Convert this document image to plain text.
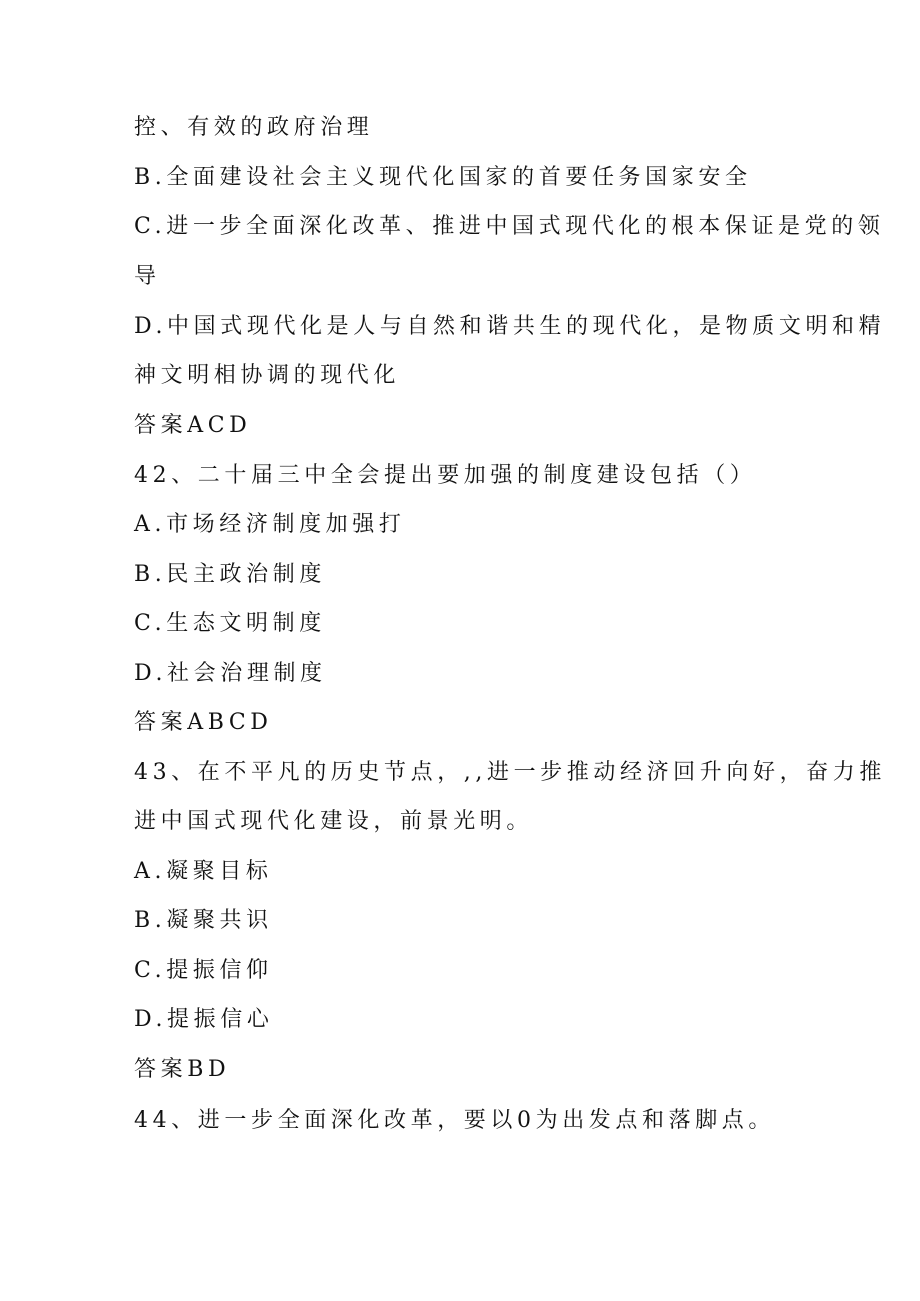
控、有效的政府治理
B.全面建设社会主义现代化国家的首要任务国家安全
C.进一步全面深化改革、推进中国式现代化的根本保证是党的领
导
D.中国式现代化是人与自然和谐共生的现代化，是物质文明和精
神文明相协调的现代化
答案ACD
42、二十届三中全会提出要加强的制度建设包括（）
A.市场经济制度加强打
B.民主政治制度
C.生态文明制度
D.社会治理制度
答案ABCD
43、在不平凡的历史节点，,,进一步推动经济回升向好，奋力推
进中国式现代化建设，前景光明。
A.凝聚目标
B.凝聚共识
C.提振信仰
D.提振信心
答案BD
44、进一步全面深化改革，要以0为出发点和落脚点。
